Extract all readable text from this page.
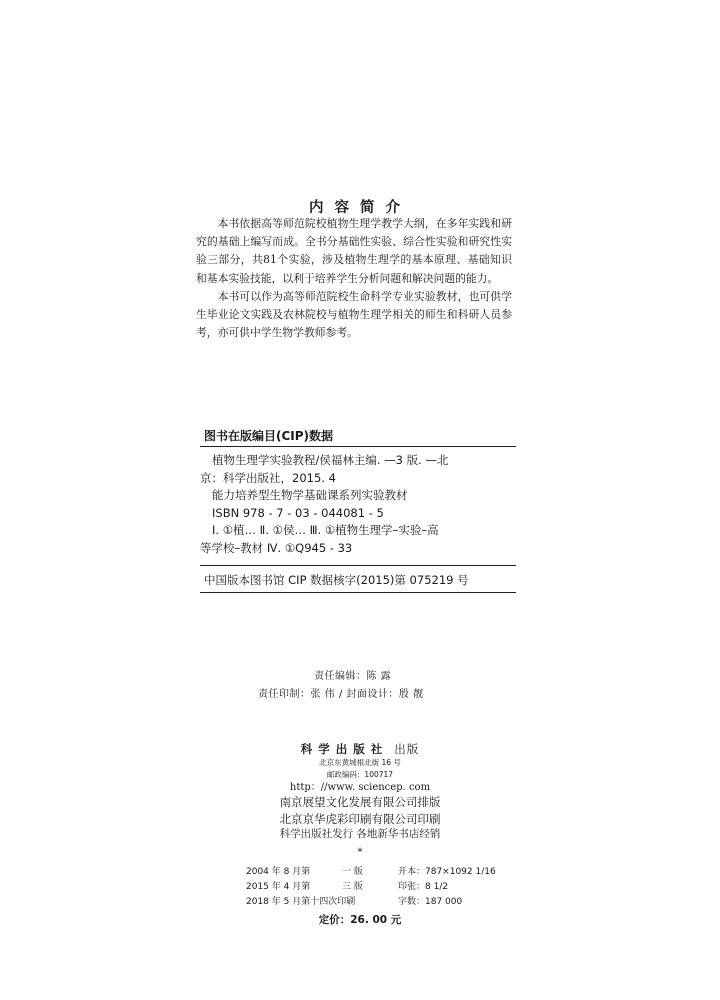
内容简介

本书依据高等师范院校植物生理学教学大纲，在多年实践和研究的基础上编写而成。全书分基础性实验、综合性实验和研究性实验三部分，共81个实验，涉及植物生理学的基本原理、基础知识和基本实验技能，以利于培养学生分析问题和解决问题的能力。

本书可以作为高等师范院校生命科学专业实验教材，也可供学生毕业论文实践及农林院校与植物生理学相关的师生和科研人员参考，亦可供中学生物学教师参考。

图书在版编目(CIP)数据
植物生理学实验教程/侯福林主编. —3 版. —北
京：科学出版社，2015. 4
能力培养型生物学基础课系列实验教材
ISBN 978 - 7 - 03 - 044081 - 5
Ⅰ. ①植… Ⅱ. ①侯… Ⅲ. ①植物生理学–实验–高
等学校–教材 Ⅳ. ①Q945 - 33
中国版本图书馆 CIP 数据核字(2015)第 075219 号
责任编辑：陈 露
责任印制：张 伟 / 封面设计：殷 靓
科学出版社 出版
北京东黄城根北街 16 号
邮政编码：100717
http：//www. sciencep. com
南京展望文化发展有限公司排版
北京京华虎彩印刷有限公司印刷
科学出版社发行 各地新华书店经销
*
2004 年 8 月第	一 版	开本：787×1092 1/16
2015 年 4 月第	三 版	印张：8 1/2
2018 年 5 月第十四次印刷	字数：187 000
定价：26. 00 元
